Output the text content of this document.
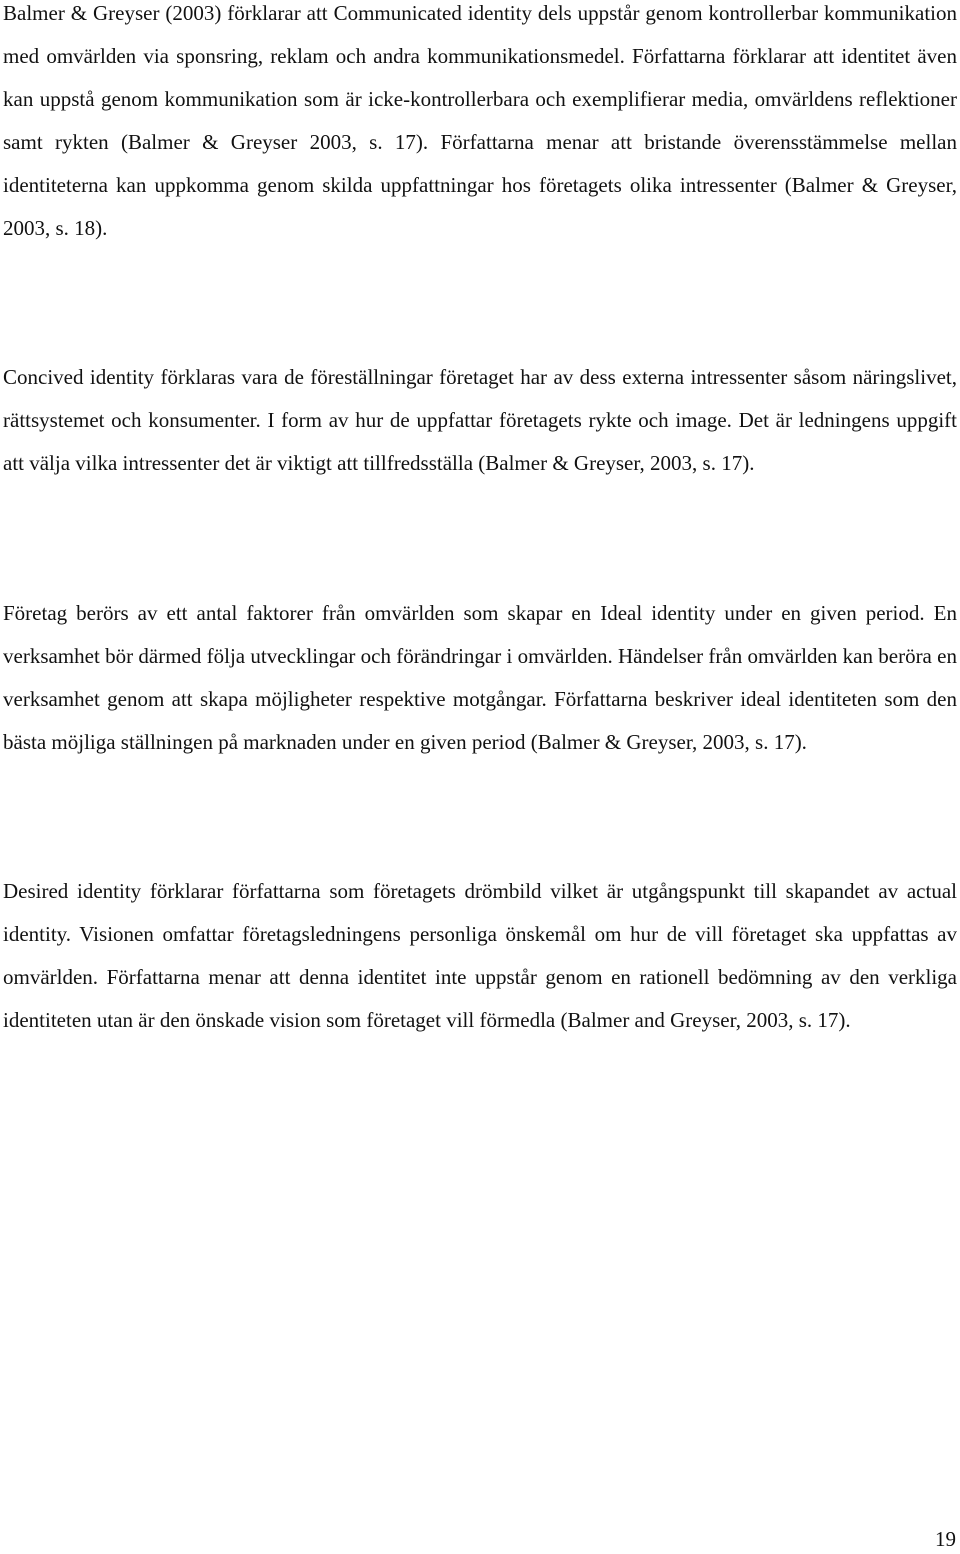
Balmer & Greyser (2003) förklarar att Communicated identity dels uppstår genom kontrollerbar kommunikation med omvärlden via sponsring, reklam och andra kommunikationsmedel. Författarna förklarar att identitet även kan uppstå genom kommunikation som är icke-kontrollerbara och exemplifierar media, omvärldens reflektioner samt rykten (Balmer & Greyser 2003, s. 17). Författarna menar att bristande överensstämmelse mellan identiteterna kan uppkomma genom skilda uppfattningar hos företagets olika intressenter (Balmer & Greyser, 2003, s. 18).

Concived identity förklaras vara de föreställningar företaget har av dess externa intressenter såsom näringslivet, rättsystemet och konsumenter. I form av hur de uppfattar företagets rykte och image. Det är ledningens uppgift att välja vilka intressenter det är viktigt att tillfredsställa (Balmer & Greyser, 2003, s. 17).

Företag berörs av ett antal faktorer från omvärlden som skapar en Ideal identity under en given period. En verksamhet bör därmed följa utvecklingar och förändringar i omvärlden. Händelser från omvärlden kan beröra en verksamhet genom att skapa möjligheter respektive motgångar. Författarna beskriver ideal identiteten som den bästa möjliga ställningen på marknaden under en given period (Balmer & Greyser, 2003, s. 17).

Desired identity förklarar författarna som företagets drömbild vilket är utgångspunkt till skapandet av actual identity. Visionen omfattar företagsledningens personliga önskemål om hur de vill företaget ska uppfattas av omvärlden. Författarna menar att denna identitet inte uppstår genom en rationell bedömning av den verkliga identiteten utan är den önskade vision som företaget vill förmedla (Balmer and Greyser, 2003, s. 17).

19
